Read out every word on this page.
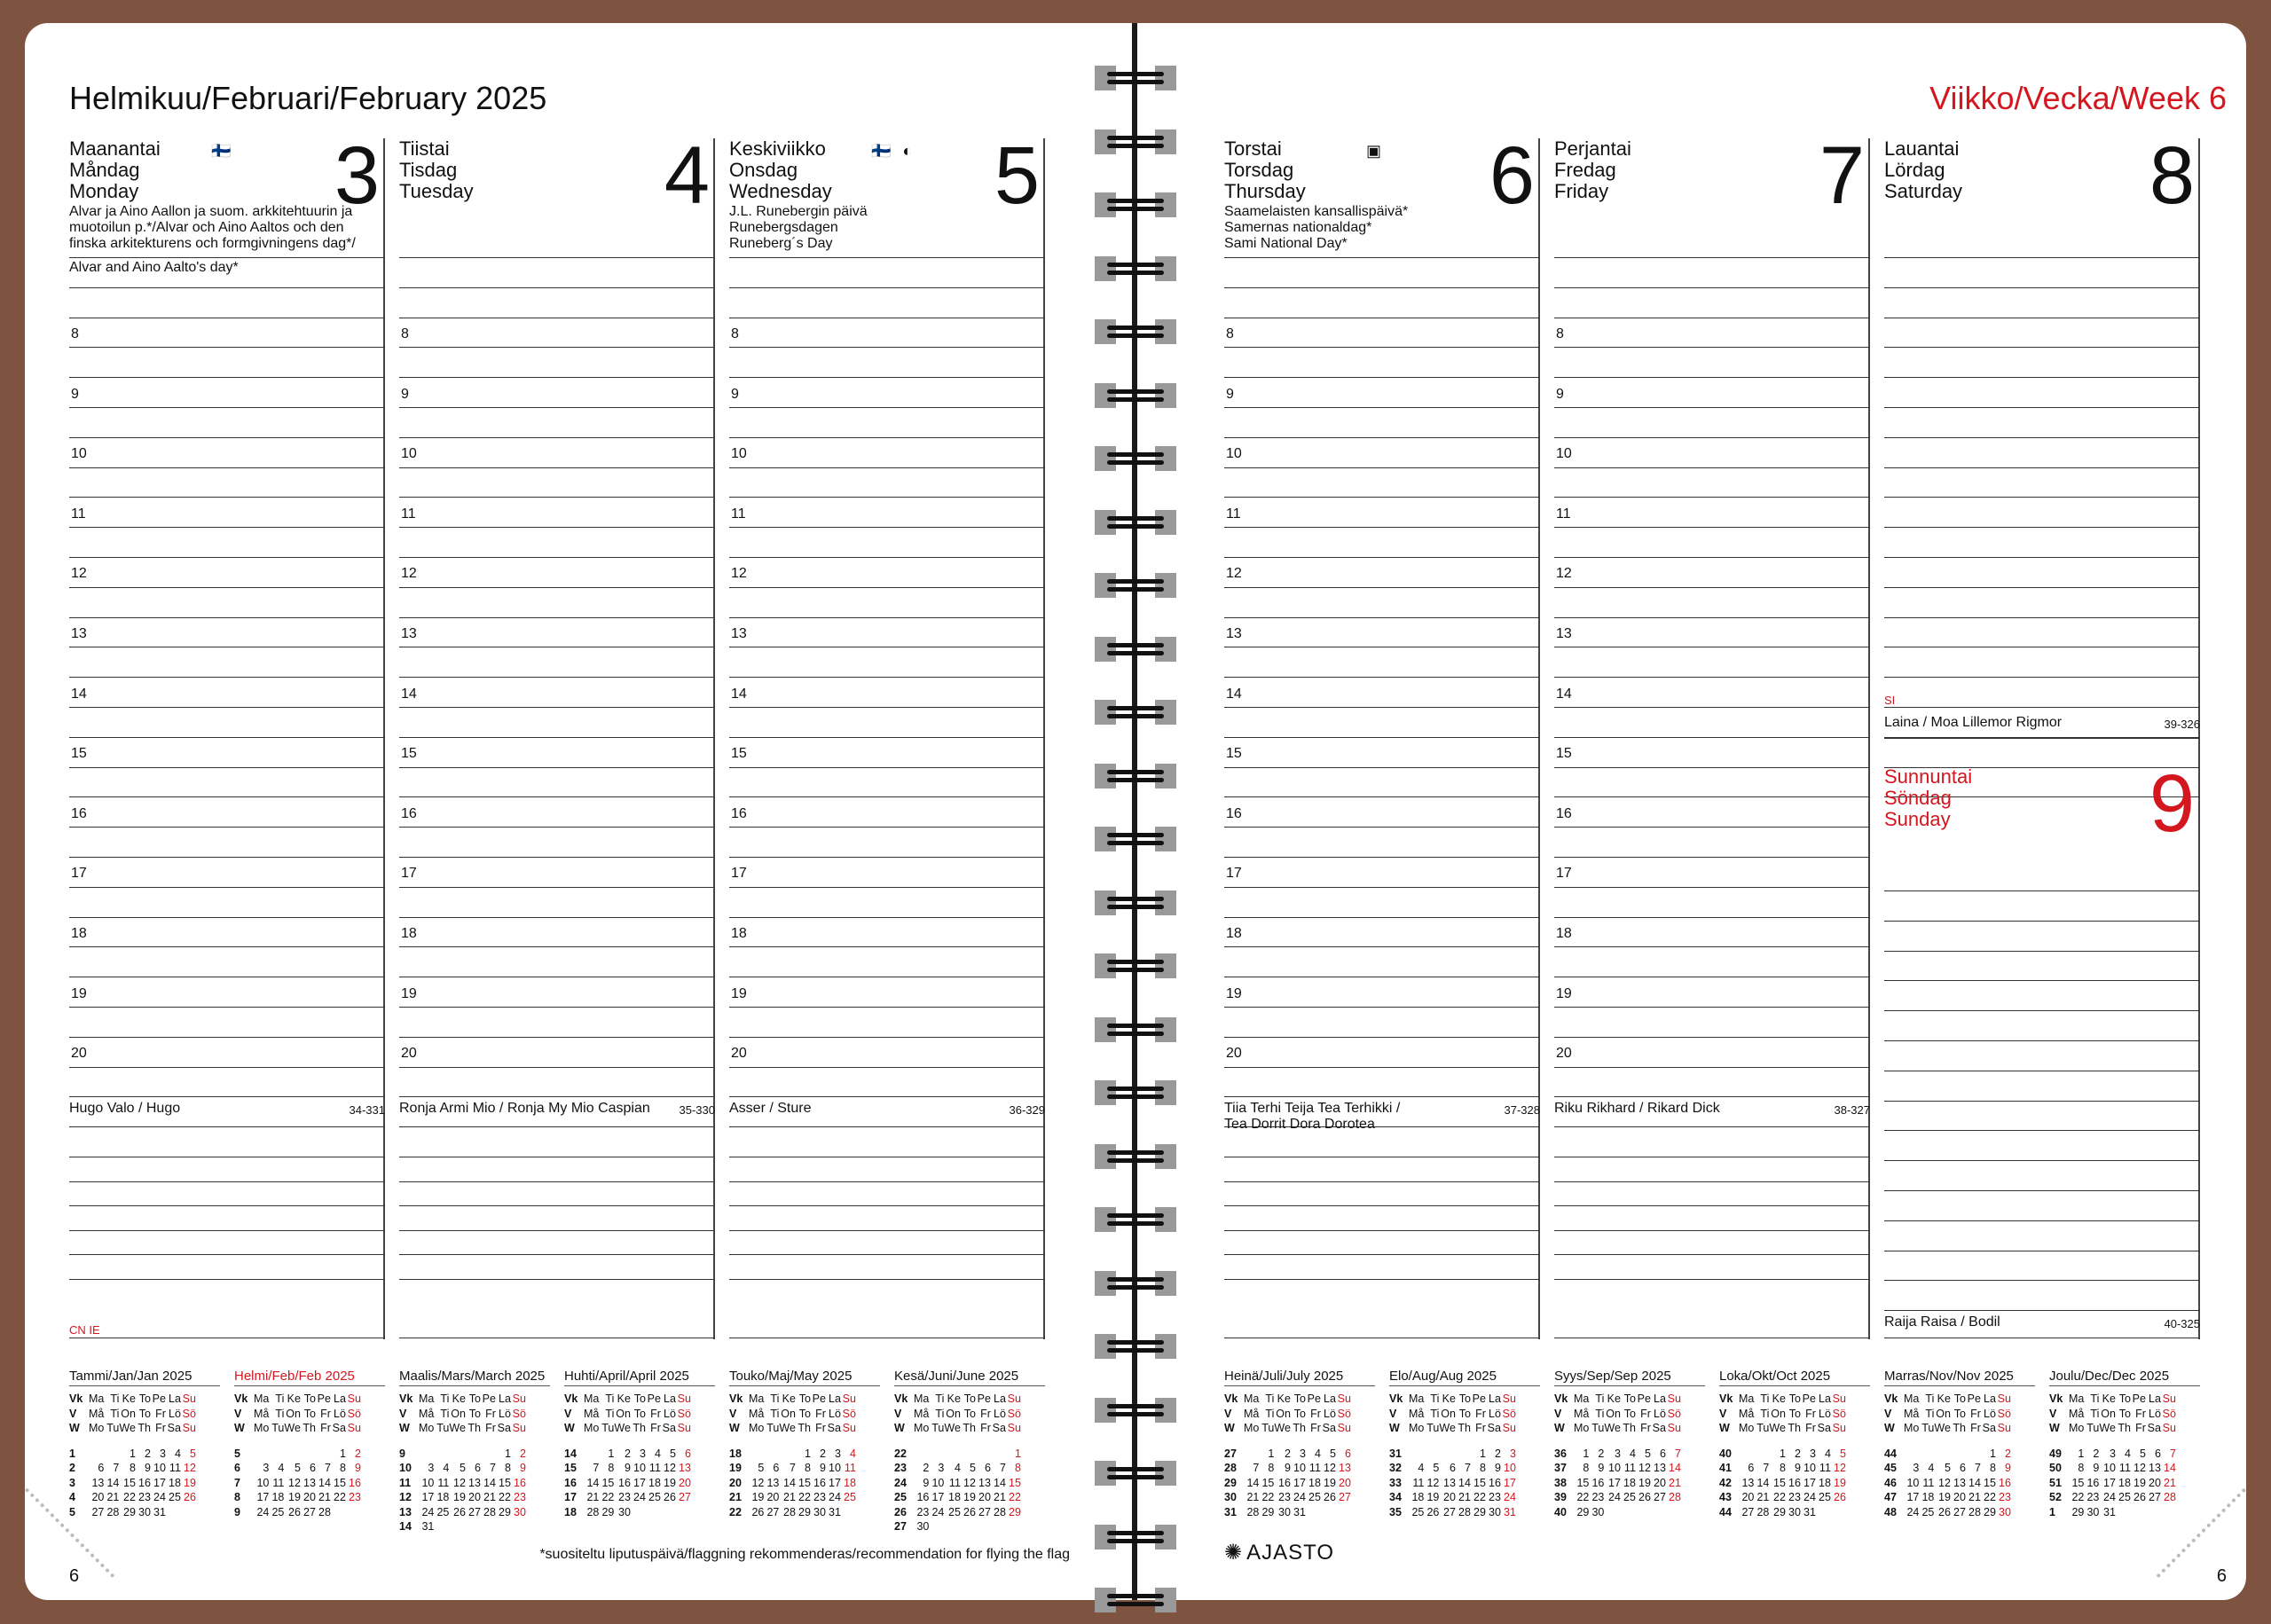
Helmikuu/Februari/February 2025
Maanantai
Måndag
Monday 3
🇫🇮
Alvar ja Aino Aallon ja suom. arkkitehtuurin ja muotoilun p.*/Alvar och Aino Aaltos och den finska arkitekturens och formgivningens dag*/
Alvar and Aino Aalto's day*
8
9
10
11
12
13
14
15
16
17
18
19
20
Hugo Valo / Hugo	34-331
CN IE
Tiistai
Tisdag
Tuesday 4
8
9
10
11
12
13
14
15
16
17
18
19
20
Ronja Armi Mio / Ronja My Mio Caspian	35-330
Keskiviikko
Onsdag
Wednesday 5
🇫🇮 ◐
J.L. Runebergin päivä
Runebergsdagen
Runeberg´s Day
8
9
10
11
12
13
14
15
16
17
18
19
20
Asser / Sture	36-329
Tammi/Jan/Jan 2025
Vk	Ma	Ti	Ke	To	Pe	La	Su
V	Må	Ti	On	To	Fr	Lö	Sö
W	Mo	Tu	We	Th	Fr	Sa	Su

1			1	2	3	4	5
2	6	7	8	9	10	11	12
3	13	14	15	16	17	18	19
4	20	21	22	23	24	25	26
5	27	28	29	30	31		
Helmi/Feb/Feb 2025
Vk	Ma	Ti	Ke	To	Pe	La	Su
V	Må	Ti	On	To	Fr	Lö	Sö
W	Mo	Tu	We	Th	Fr	Sa	Su

5						1	2
6	3	4	5	6	7	8	9
7	10	11	12	13	14	15	16
8	17	18	19	20	21	22	23
9	24	25	26	27	28		
Maalis/Mars/March 2025
Vk	Ma	Ti	Ke	To	Pe	La	Su
V	Må	Ti	On	To	Fr	Lö	Sö
W	Mo	Tu	We	Th	Fr	Sa	Su

9						1	2
10	3	4	5	6	7	8	9
11	10	11	12	13	14	15	16
12	17	18	19	20	21	22	23
13	24	25	26	27	28	29	30
14	31						
Huhti/April/April 2025
Vk	Ma	Ti	Ke	To	Pe	La	Su
V	Må	Ti	On	To	Fr	Lö	Sö
W	Mo	Tu	We	Th	Fr	Sa	Su

14		1	2	3	4	5	6
15	7	8	9	10	11	12	13
16	14	15	16	17	18	19	20
17	21	22	23	24	25	26	27
18	28	29	30				
Touko/Maj/May 2025
Vk	Ma	Ti	Ke	To	Pe	La	Su
V	Må	Ti	On	To	Fr	Lö	Sö
W	Mo	Tu	We	Th	Fr	Sa	Su

18				1	2	3	4
19	5	6	7	8	9	10	11
20	12	13	14	15	16	17	18
21	19	20	21	22	23	24	25
22	26	27	28	29	30	31	
Kesä/Juni/June 2025
Vk	Ma	Ti	Ke	To	Pe	La	Su
V	Må	Ti	On	To	Fr	Lö	Sö
W	Mo	Tu	We	Th	Fr	Sa	Su

22							1
23	2	3	4	5	6	7	8
24	9	10	11	12	13	14	15
25	16	17	18	19	20	21	22
26	23	24	25	26	27	28	29
27	30						
6
*suositeltu liputuspäivä/flaggning rekommenderas/recommendation for flying the flag
Viikko/Vecka/Week 6
Torstai
Torsdag
Thursday 6
▣
Saamelaisten kansallispäivä*
Samernas nationaldag*
Sami National Day*
8
9
10
11
12
13
14
15
16
17
18
19
20
Tiia Terhi Teija Tea Terhikki /
Tea Dorrit Dora Dorotea
37-328
Perjantai
Fredag
Friday	7
8
9
10
11
12
13
14
15
16
17
18
19
20
Riku Rikhard / Rikard Dick	38-327
Lauantai
Lördag
Saturday 8
SI
Laina / Moa Lillemor Rigmor	39-326
Sunnuntai
Söndag
Sunday 9
Raija Raisa / Bodil	40-325
Heinä/Juli/July 2025
Vk	Ma	Ti	Ke	To	Pe	La	Su
V	Må	Ti	On	To	Fr	Lö	Sö
W	Mo	Tu	We	Th	Fr	Sa	Su

27		1	2	3	4	5	6
28	7	8	9	10	11	12	13
29	14	15	16	17	18	19	20
30	21	22	23	24	25	26	27
31	28	29	30	31			
Elo/Aug/Aug 2025
Vk	Ma	Ti	Ke	To	Pe	La	Su
V	Må	Ti	On	To	Fr	Lö	Sö
W	Mo	Tu	We	Th	Fr	Sa	Su

31					1	2	3
32	4	5	6	7	8	9	10
33	11	12	13	14	15	16	17
34	18	19	20	21	22	23	24
35	25	26	27	28	29	30	31
Syys/Sep/Sep 2025
Vk	Ma	Ti	Ke	To	Pe	La	Su
V	Må	Ti	On	To	Fr	Lö	Sö
W	Mo	Tu	We	Th	Fr	Sa	Su

36	1	2	3	4	5	6	7
37	8	9	10	11	12	13	14
38	15	16	17	18	19	20	21
39	22	23	24	25	26	27	28
40	29	30					
Loka/Okt/Oct 2025
Vk	Ma	Ti	Ke	To	Pe	La	Su
V	Må	Ti	On	To	Fr	Lö	Sö
W	Mo	Tu	We	Th	Fr	Sa	Su

40			1	2	3	4	5
41	6	7	8	9	10	11	12
42	13	14	15	16	17	18	19
43	20	21	22	23	24	25	26
44	27	28	29	30	31		
Marras/Nov/Nov 2025
Vk	Ma	Ti	Ke	To	Pe	La	Su
V	Må	Ti	On	To	Fr	Lö	Sö
W	Mo	Tu	We	Th	Fr	Sa	Su

44						1	2
45	3	4	5	6	7	8	9
46	10	11	12	13	14	15	16
47	17	18	19	20	21	22	23
48	24	25	26	27	28	29	30
Joulu/Dec/Dec 2025
Vk	Ma	Ti	Ke	To	Pe	La	Su
V	Må	Ti	On	To	Fr	Lö	Sö
W	Mo	Tu	We	Th	Fr	Sa	Su

49	1	2	3	4	5	6	7
50	8	9	10	11	12	13	14
51	15	16	17	18	19	20	21
52	22	23	24	25	26	27	28
1	29	30	31				
6
✺ AJASTO
